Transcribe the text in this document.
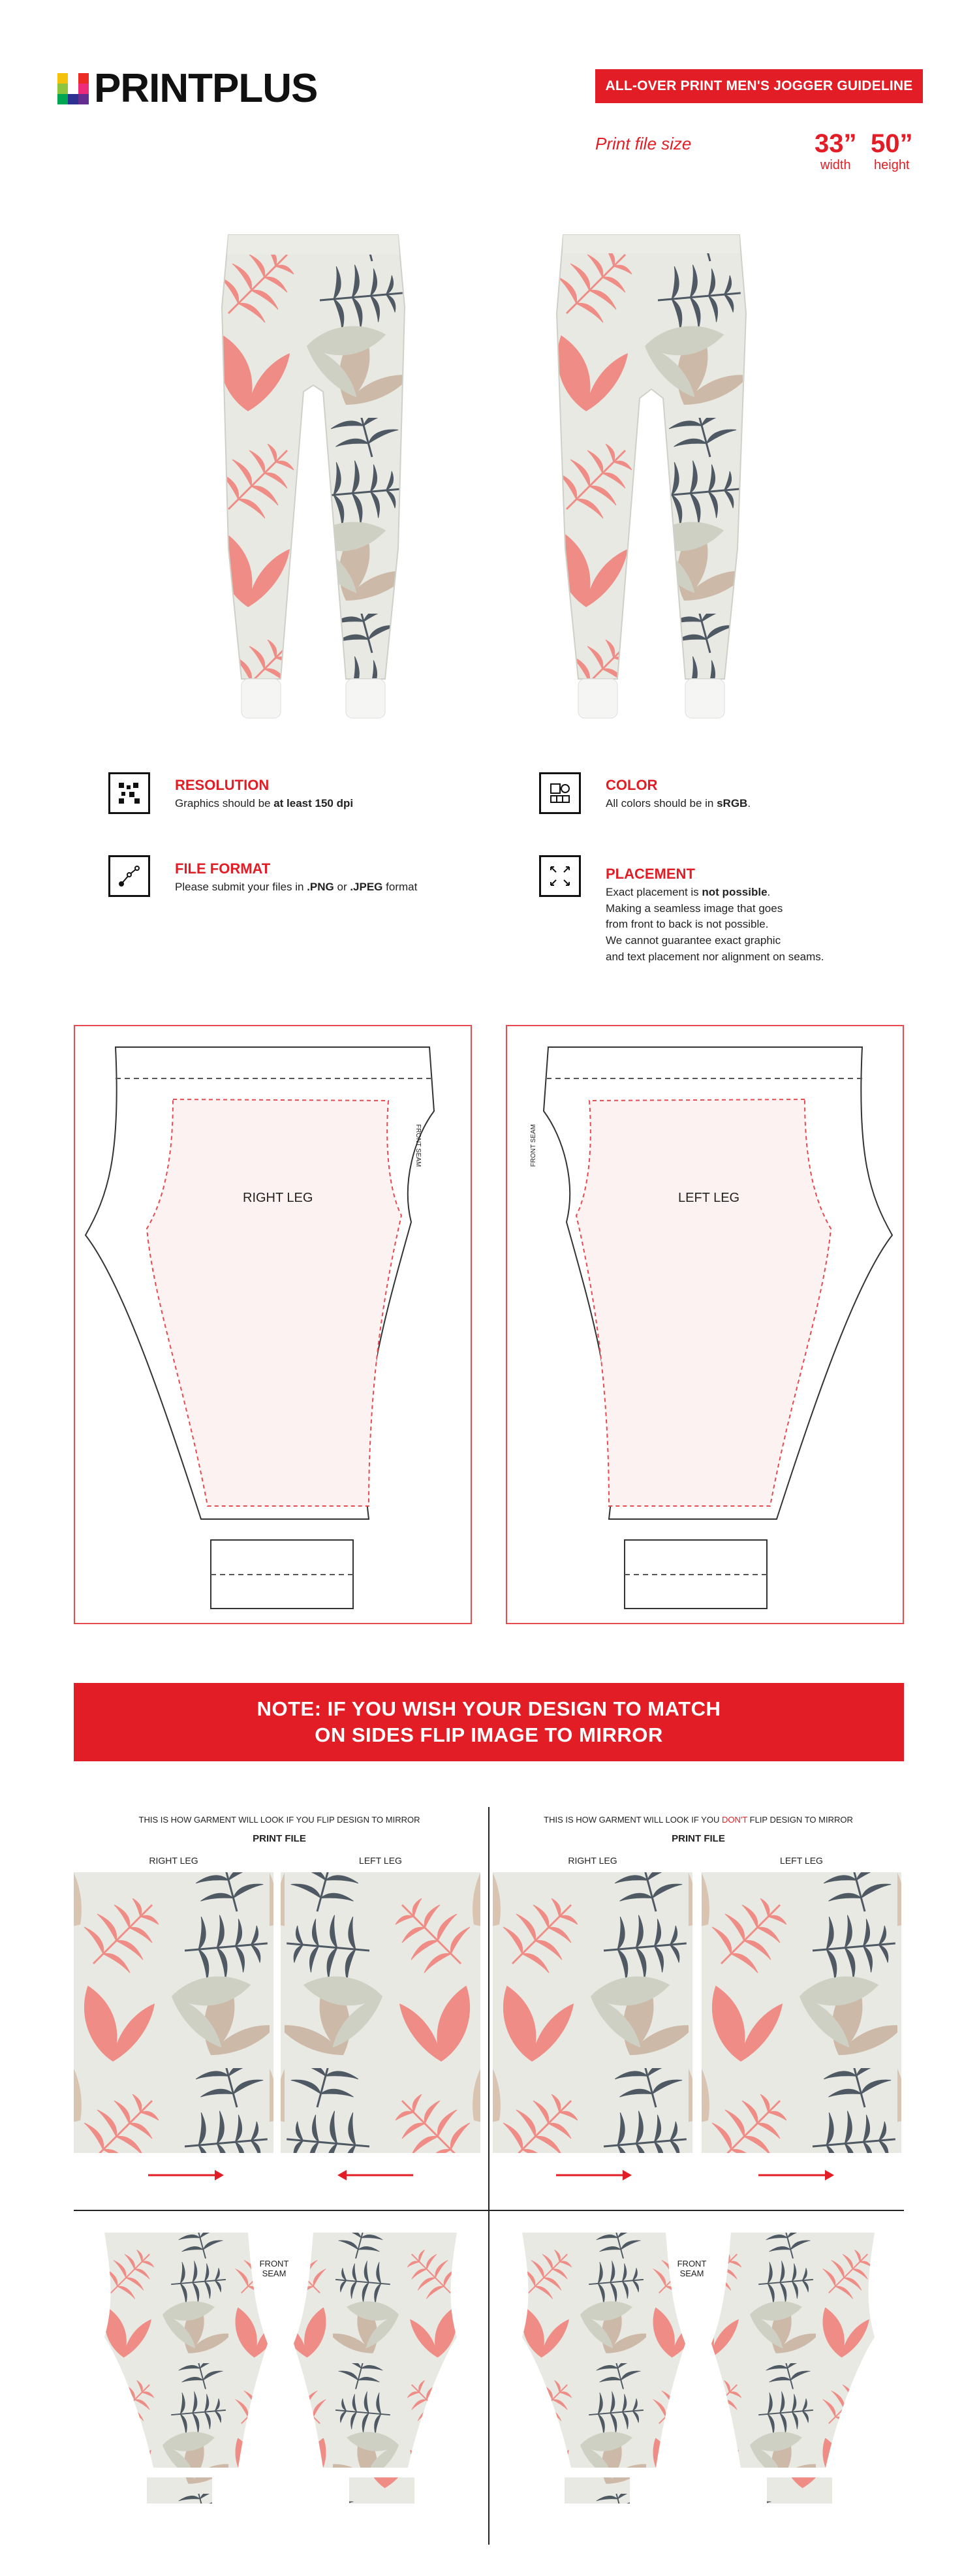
PRINTPLUS	ALL-OVER PRINT MEN'S JOGGER GUIDELINE
Print file size	33”
width
50”
height
RESOLUTION
Graphics should be at least 150 dpi
FILE FORMAT
Please submit your files in .PNG or .JPEG format
COLOR
All colors should be in sRGB.
PLACEMENT
Exact placement is not possible.
Making a seamless image that goes
from front to back is not possible.
We cannot guarantee exact graphic
and text placement nor alignment on seams.
RIGHT LEG
FRONT SEAM
LEFT LEG
FRONT SEAM
NOTE: IF YOU WISH YOUR DESIGN TO MATCH
ON SIDES FLIP IMAGE TO MIRROR
THIS IS HOW GARMENT WILL LOOK IF YOU FLIP DESIGN TO MIRROR	THIS IS HOW GARMENT WILL LOOK IF YOU DON'T FLIP DESIGN TO MIRROR
PRINT FILE	PRINT FILE
RIGHT LEG	LEFT LEG	RIGHT LEG	LEFT LEG
FRONT
SEAM
FRONT
SEAM
